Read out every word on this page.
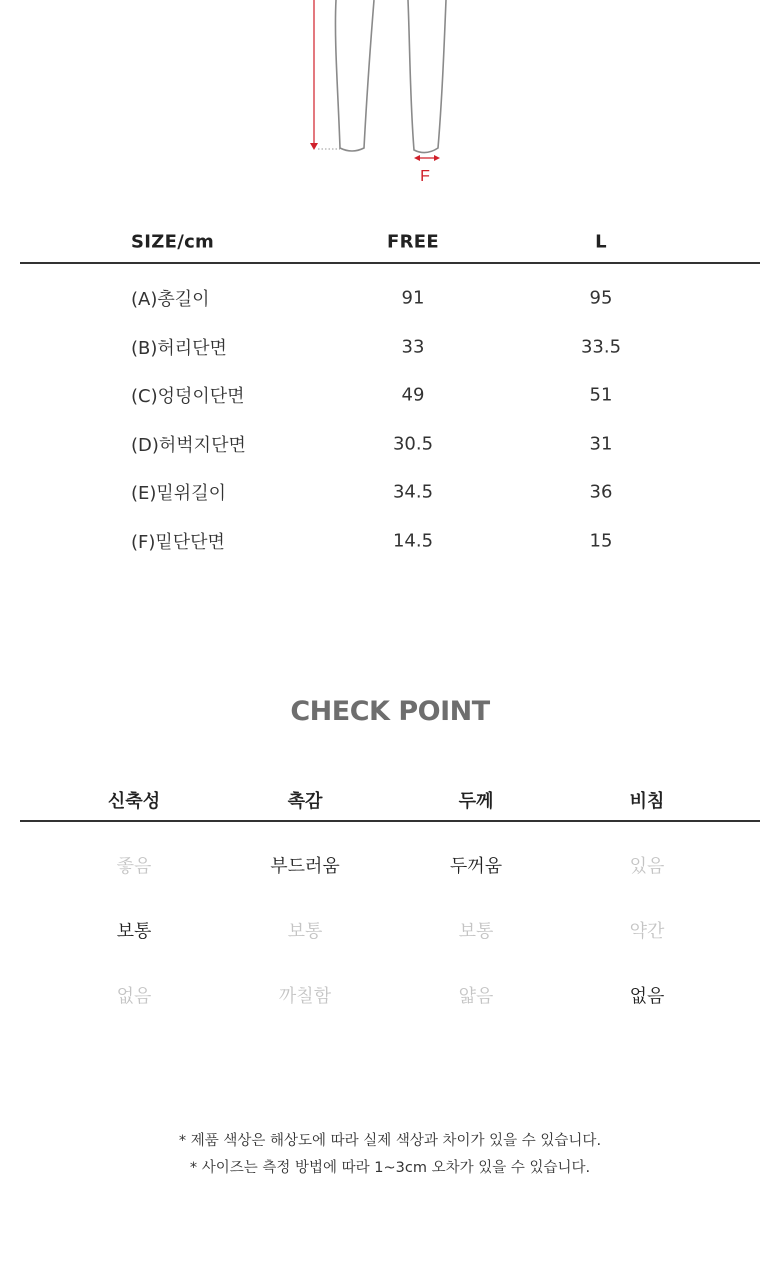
F
SIZE/cm	FREE	L
(A)총길이	91	95
(B)허리단면	33	33.5
(C)엉덩이단면	49	51
(D)허벅지단면	30.5	31
(E)밑위길이	34.5	36
(F)밑단단면	14.5	15
CHECK POINT
신축성	촉감	두께	비침
좋음	부드러움	두꺼움	있음
보통	보통	보통	약간
없음	까칠함	얇음	없음
* 제품 색상은 해상도에 따라 실제 색상과 차이가 있을 수 있습니다.
* 사이즈는 측정 방법에 따라 1~3cm 오차가 있을 수 있습니다.
